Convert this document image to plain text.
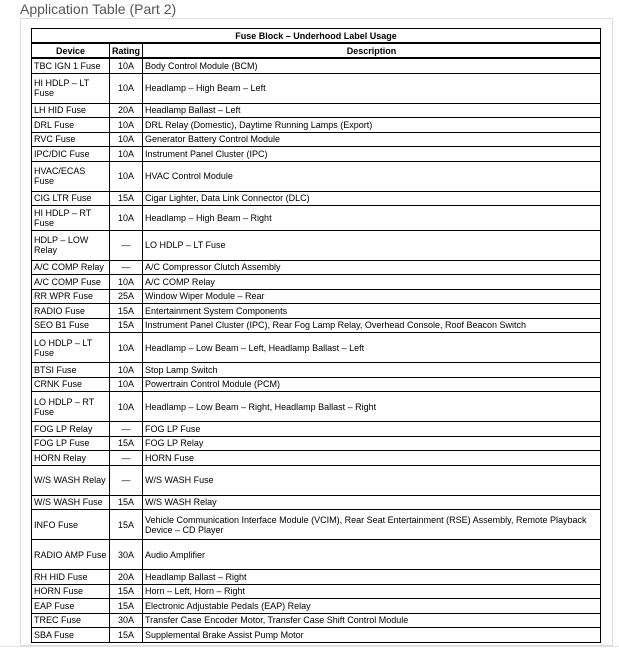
Application Table (Part 2)
Fuse Block – Underhood Label Usage		
Device	Rating	Description
TBC IGN 1 Fuse	10A	Body Control Module (BCM)
HI HDLP – LT Fuse	10A	Headlamp – High Beam – Left
LH HID Fuse	20A	Headlamp Ballast – Left
DRL Fuse	10A	DRL Relay (Domestic), Daytime Running Lamps (Export)
RVC Fuse	10A	Generator Battery Control Module
IPC/DIC Fuse	10A	Instrument Panel Cluster (IPC)
HVAC/ECAS Fuse	10A	HVAC Control Module
CIG LTR Fuse	15A	Cigar Lighter, Data Link Connector (DLC)
HI HDLP – RT Fuse	10A	Headlamp – High Beam – Right
HDLP – LOW Relay	—	LO HDLP – LT Fuse
A/C COMP Relay	—	A/C Compressor Clutch Assembly
A/C COMP Fuse	10A	A/C COMP Relay
RR WPR Fuse	25A	Window Wiper Module – Rear
RADIO Fuse	15A	Entertainment System Components
SEO B1 Fuse	15A	Instrument Panel Cluster (IPC), Rear Fog Lamp Relay, Overhead Console, Roof Beacon Switch
LO HDLP – LT Fuse	10A	Headlamp – Low Beam – Left, Headlamp Ballast – Left
BTSI Fuse	10A	Stop Lamp Switch
CRNK Fuse	10A	Powertrain Control Module (PCM)
LO HDLP – RT Fuse	10A	Headlamp – Low Beam – Right, Headlamp Ballast – Right
FOG LP Relay	—	FOG LP Fuse
FOG LP Fuse	15A	FOG LP Relay
HORN Relay	—	HORN Fuse
W/S WASH Relay	—	W/S WASH Fuse
W/S WASH Fuse	15A	W/S WASH Relay
INFO Fuse	15A	Vehicle Communication Interface Module (VCIM), Rear Seat Entertainment (RSE) Assembly, Remote Playback Device – CD Player
RADIO AMP Fuse	30A	Audio Amplifier
RH HID Fuse	20A	Headlamp Ballast – Right
HORN Fuse	15A	Horn – Left, Horn – Right
EAP Fuse	15A	Electronic Adjustable Pedals (EAP) Relay
TREC Fuse	30A	Transfer Case Encoder Motor, Transfer Case Shift Control Module
SBA Fuse	15A	Supplemental Brake Assist Pump Motor
